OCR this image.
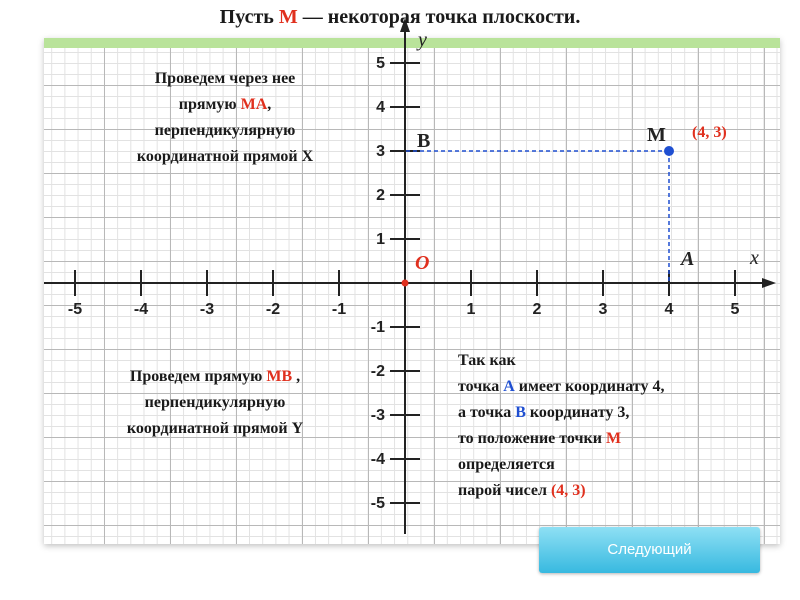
Пусть М — некоторая точка плоскости.
x
y
-5	-4	-3	-2	-1	1	2	3	4	5
-5
-4
-3
-2
-1
1
2
3
4
5
O
M
A
B	(4, 3)
Проведем через нее
прямую МА,
перпендикулярную
координатной прямой X
Проведем прямую МВ ,
перпендикулярную
координатной прямой Y
Так как
точка А имеет координату 4,
а точка В координату 3,
то положение точки М
определяется
парой чисел (4, 3)
Следующий
